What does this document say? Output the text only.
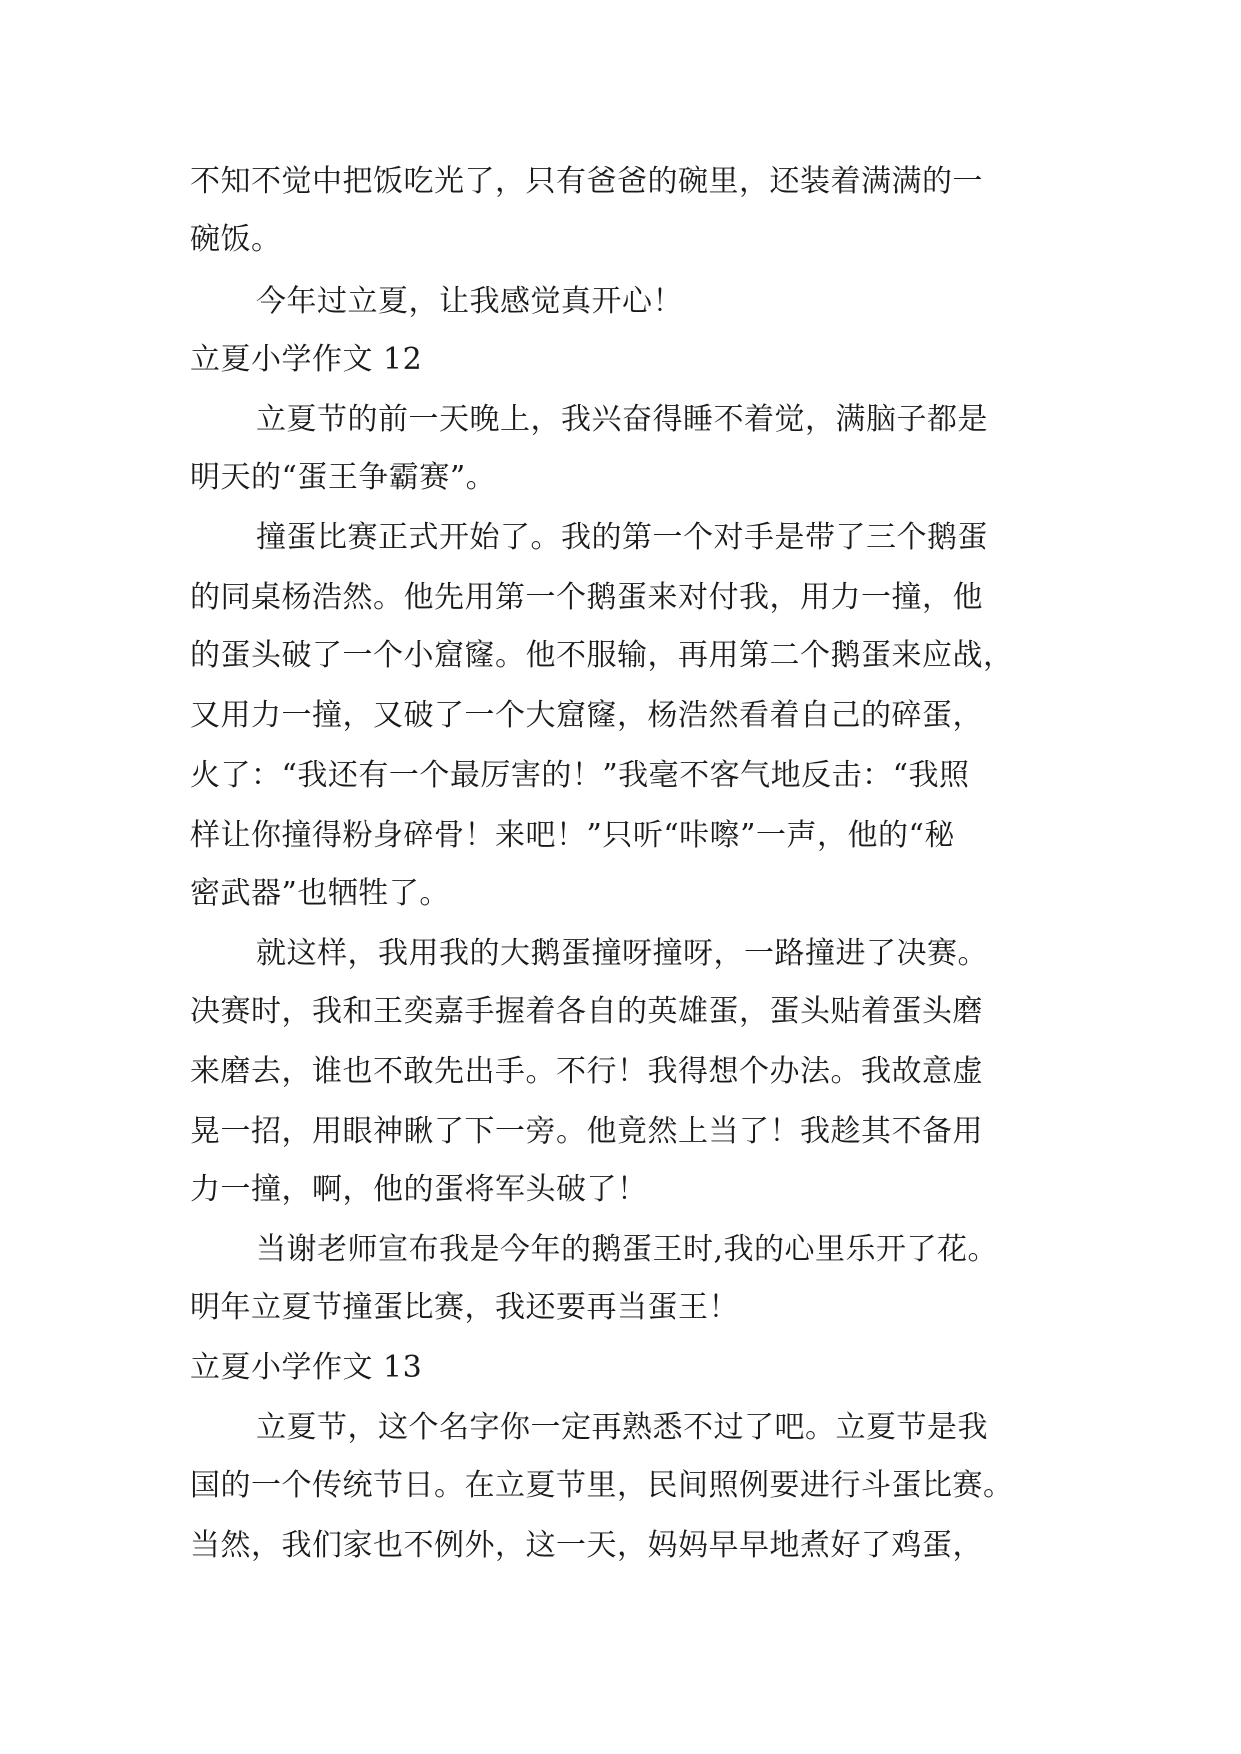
不知不觉中把饭吃光了，只有爸爸的碗里，还装着满满的一
碗饭。
今年过立夏，让我感觉真开心！
立夏小学作文 12
立夏节的前一天晚上，我兴奋得睡不着觉，满脑子都是
明天的“蛋王争霸赛”。
撞蛋比赛正式开始了。我的第一个对手是带了三个鹅蛋
的同桌杨浩然。他先用第一个鹅蛋来对付我，用力一撞，他
的蛋头破了一个小窟窿。他不服输，再用第二个鹅蛋来应战，
又用力一撞，又破了一个大窟窿，杨浩然看着自己的碎蛋，
火了：“我还有一个最厉害的！”我毫不客气地反击：“我照
样让你撞得粉身碎骨！来吧！”只听“咔嚓”一声，他的“秘
密武器”也牺牲了。
就这样，我用我的大鹅蛋撞呀撞呀，一路撞进了决赛。
决赛时，我和王奕嘉手握着各自的英雄蛋，蛋头贴着蛋头磨
来磨去，谁也不敢先出手。不行！我得想个办法。我故意虚
晃一招，用眼神瞅了下一旁。他竟然上当了！我趁其不备用
力一撞，啊，他的蛋将军头破了！
当谢老师宣布我是今年的鹅蛋王时,我的心里乐开了花。
明年立夏节撞蛋比赛，我还要再当蛋王！
立夏小学作文 13
立夏节，这个名字你一定再熟悉不过了吧。立夏节是我
国的一个传统节日。在立夏节里，民间照例要进行斗蛋比赛。
当然，我们家也不例外，这一天，妈妈早早地煮好了鸡蛋，
